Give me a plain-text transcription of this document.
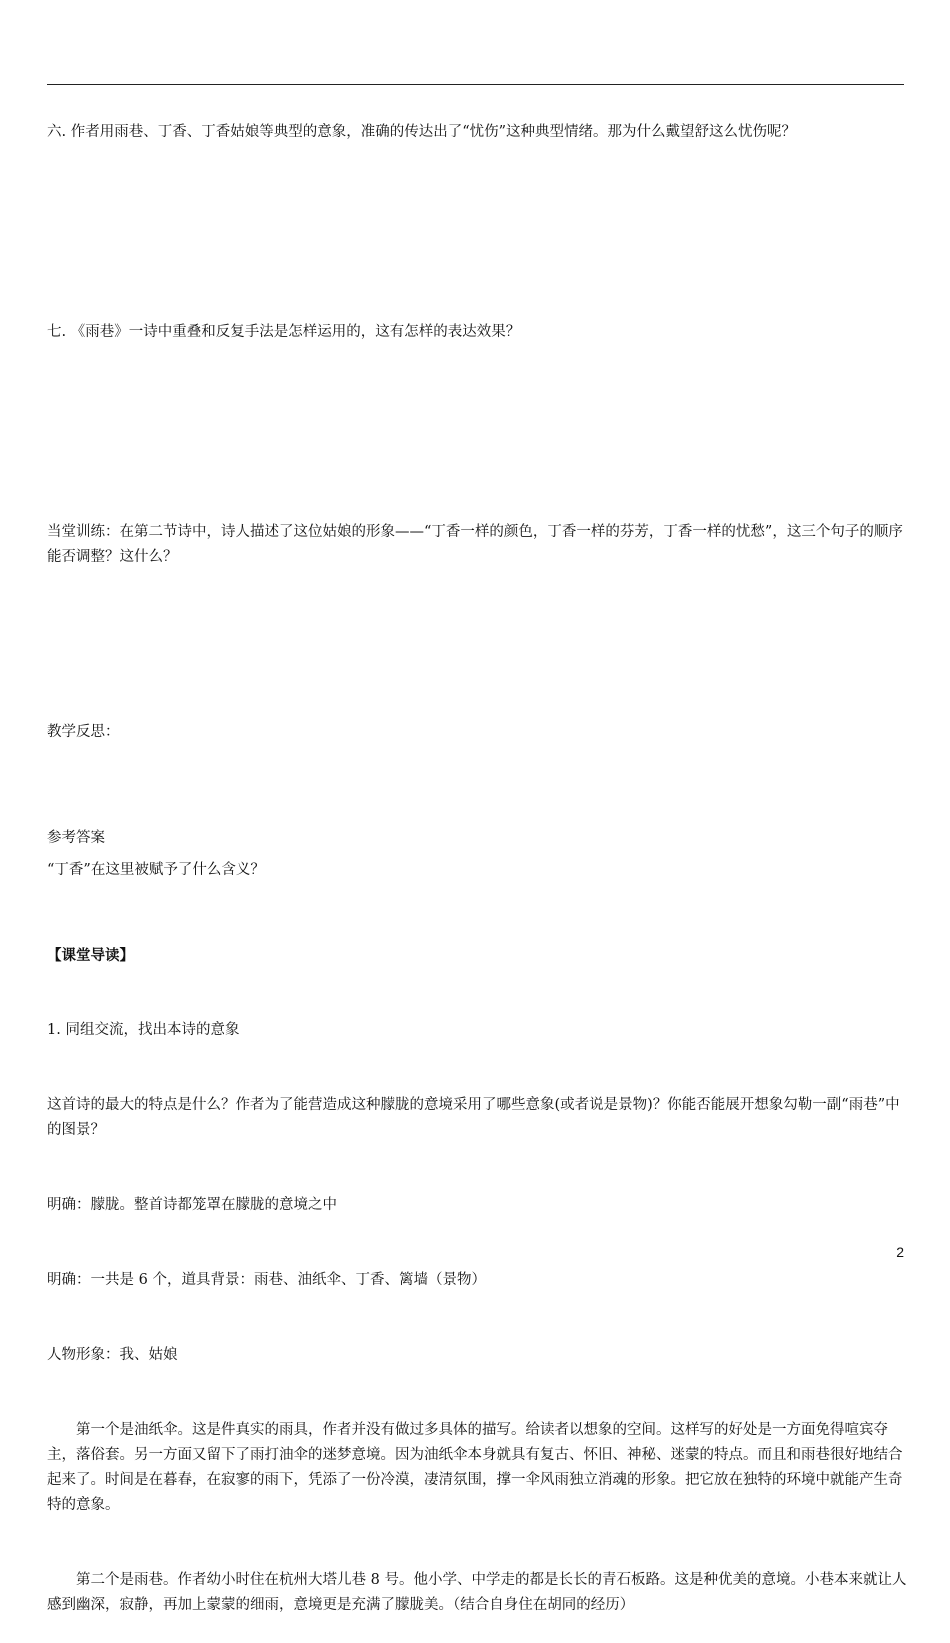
六. 作者用雨巷、丁香、丁香姑娘等典型的意象，准确的传达出了“忧伤”这种典型情绪。那为什么戴望舒这么忧伤呢？
七. 《雨巷》一诗中重叠和反复手法是怎样运用的，这有怎样的表达效果？
当堂训练：在第二节诗中，诗人描述了这位姑娘的形象——“丁香一样的颜色，丁香一样的芬芳，丁香一样的忧愁”，这三个句子的顺序能否调整？这什么？
教学反思：
参考答案
“丁香”在这里被赋予了什么含义？

【课堂导读】

1. 同组交流，找出本诗的意象

这首诗的最大的特点是什么？作者为了能营造成这种朦胧的意境采用了哪些意象(或者说是景物)？你能否能展开想象勾勒一副“雨巷”中的图景？

明确：朦胧。整首诗都笼罩在朦胧的意境之中

明确：一共是 6 个，道具背景：雨巷、油纸伞、丁香、篱墙（景物）

人物形象：我、姑娘

第一个是油纸伞。这是件真实的雨具，作者并没有做过多具体的描写。给读者以想象的空间。这样写的好处是一方面免得喧宾夺主，落俗套。另一方面又留下了雨打油伞的迷梦意境。因为油纸伞本身就具有复古、怀旧、神秘、迷蒙的特点。而且和雨巷很好地结合起来了。时间是在暮春，在寂寥的雨下，凭添了一份冷漠，凄清氛围，撑一伞风雨独立消魂的形象。把它放在独特的环境中就能产生奇特的意象。

第二个是雨巷。作者幼小时住在杭州大塔儿巷 8 号。他小学、中学走的都是长长的青石板路。这是种优美的意境。小巷本来就让人感到幽深，寂静，再加上蒙蒙的细雨，意境更是充满了朦胧美。（结合自身住在胡同的经历）

2
